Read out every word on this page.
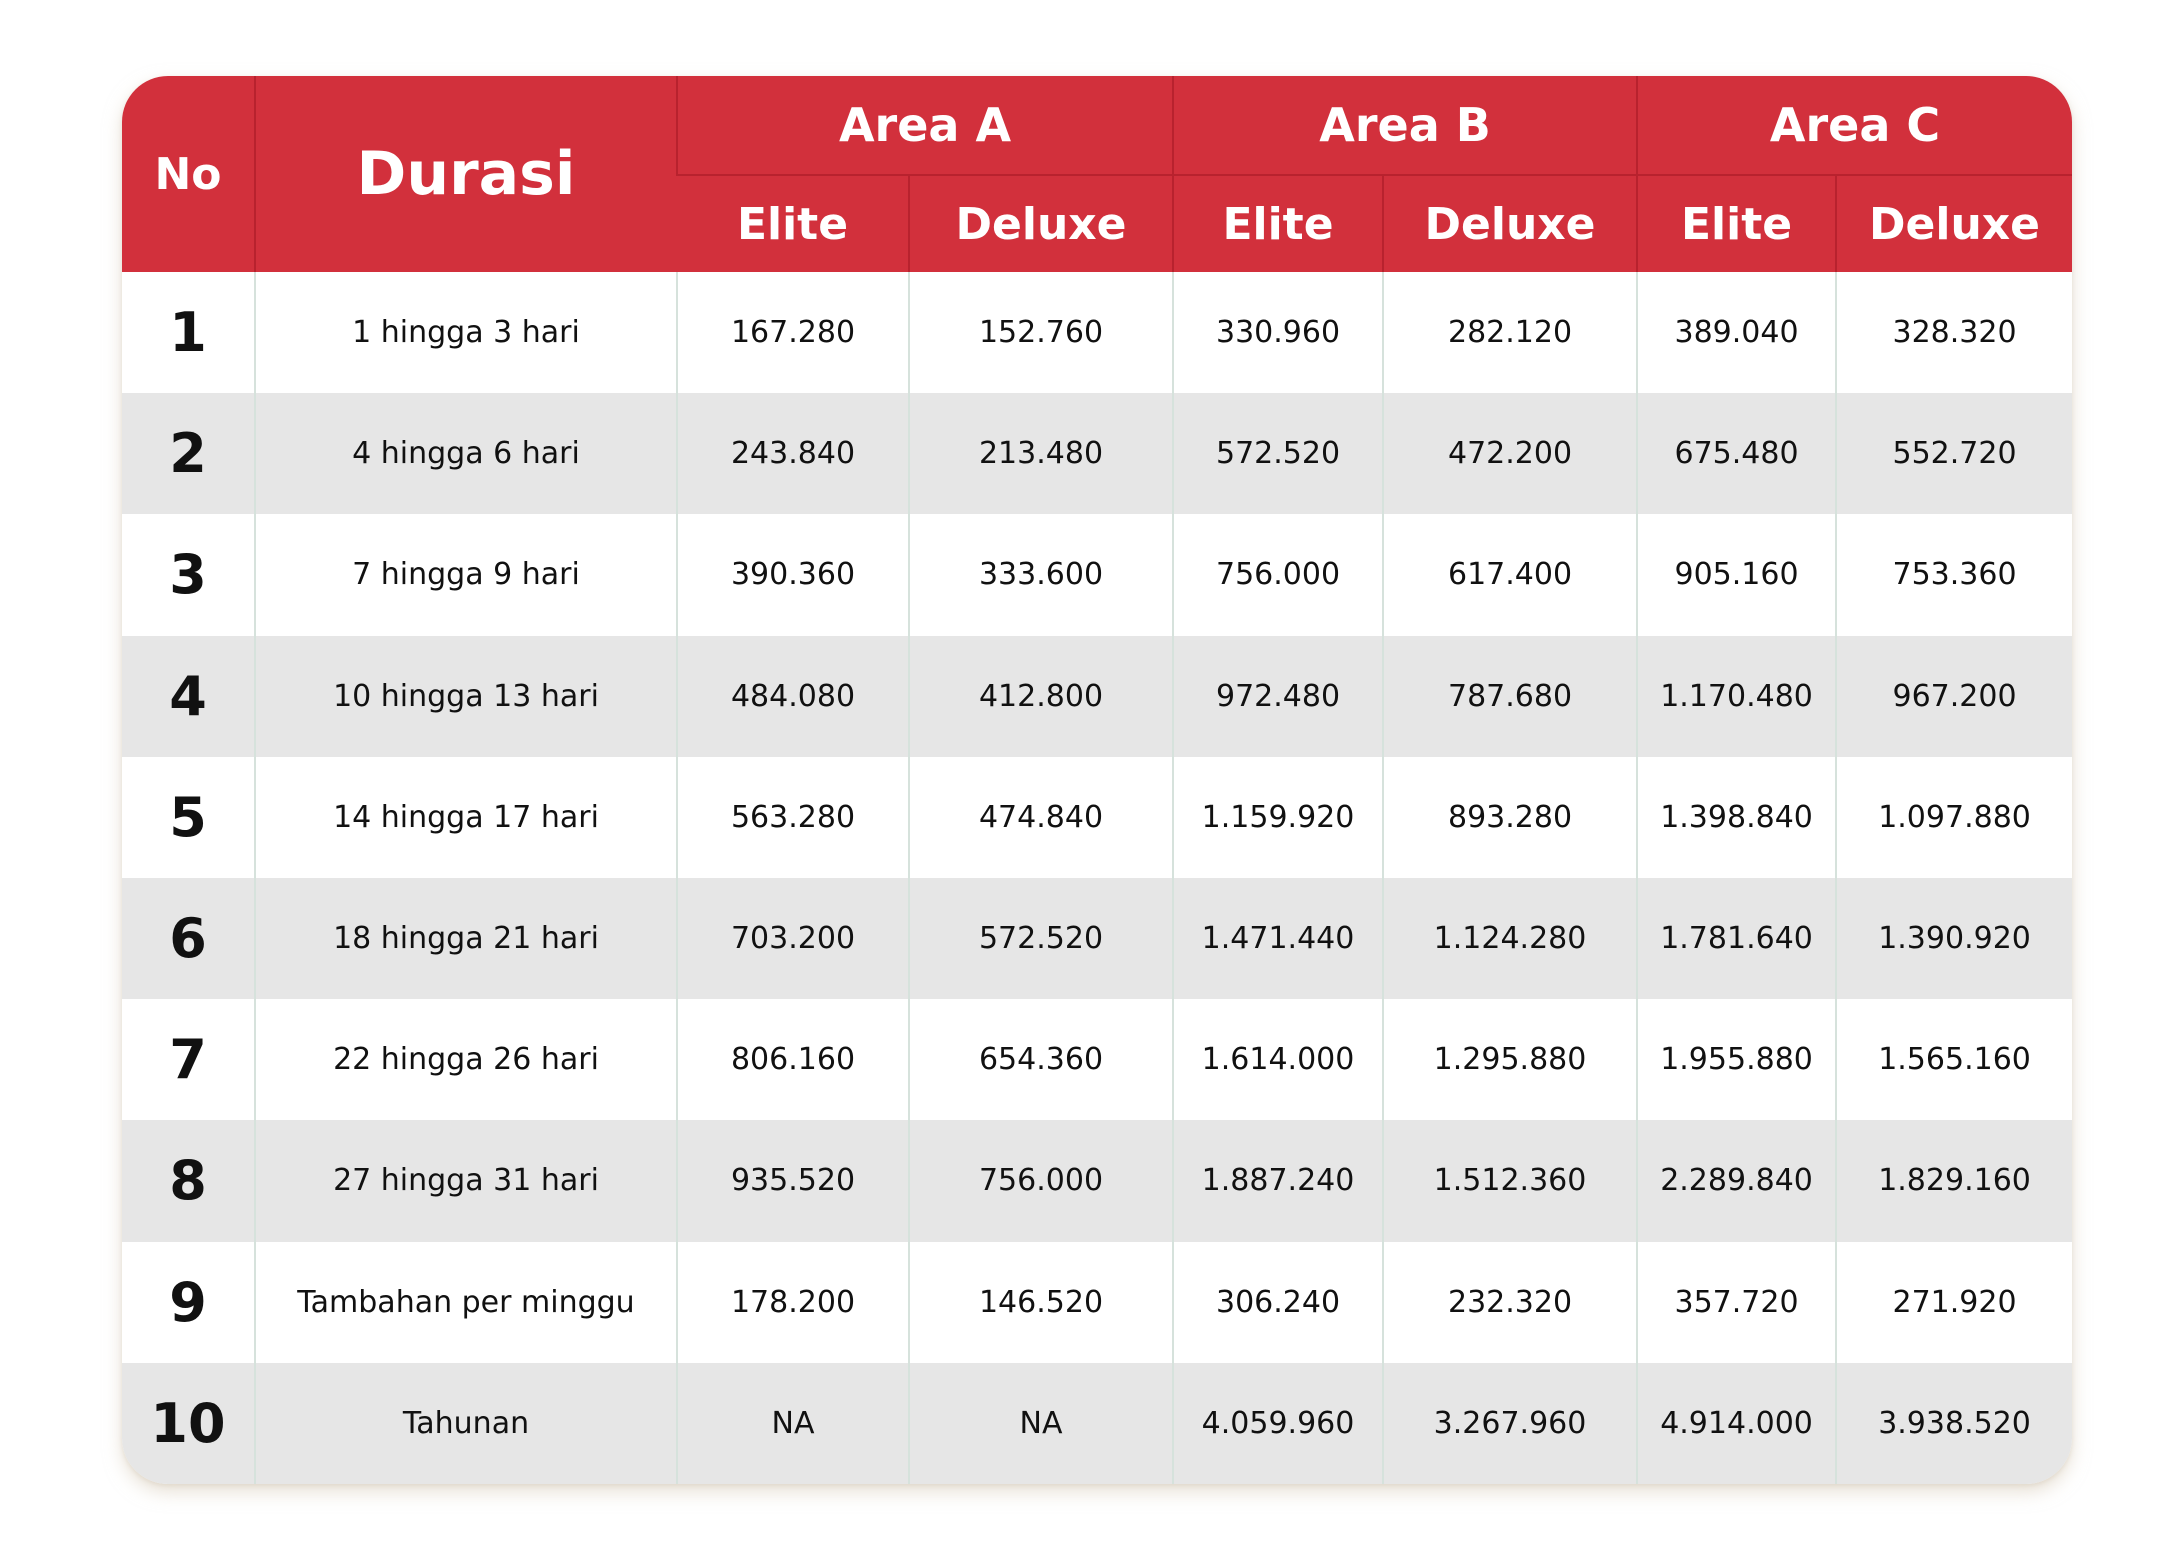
No	Durasi	Area A		Area B		Area C	
		Elite	Deluxe	Elite	Deluxe	Elite	Deluxe
1	1 hingga 3 hari	167.280	152.760	330.960	282.120	389.040	328.320
2	4 hingga 6 hari	243.840	213.480	572.520	472.200	675.480	552.720
3	7 hingga 9 hari	390.360	333.600	756.000	617.400	905.160	753.360
4	10 hingga 13 hari	484.080	412.800	972.480	787.680	1.170.480	967.200
5	14 hingga 17 hari	563.280	474.840	1.159.920	893.280	1.398.840	1.097.880
6	18 hingga 21 hari	703.200	572.520	1.471.440	1.124.280	1.781.640	1.390.920
7	22 hingga 26 hari	806.160	654.360	1.614.000	1.295.880	1.955.880	1.565.160
8	27 hingga 31 hari	935.520	756.000	1.887.240	1.512.360	2.289.840	1.829.160
9	Tambahan per minggu	178.200	146.520	306.240	232.320	357.720	271.920
10	Tahunan	NA	NA	4.059.960	3.267.960	4.914.000	3.938.520
